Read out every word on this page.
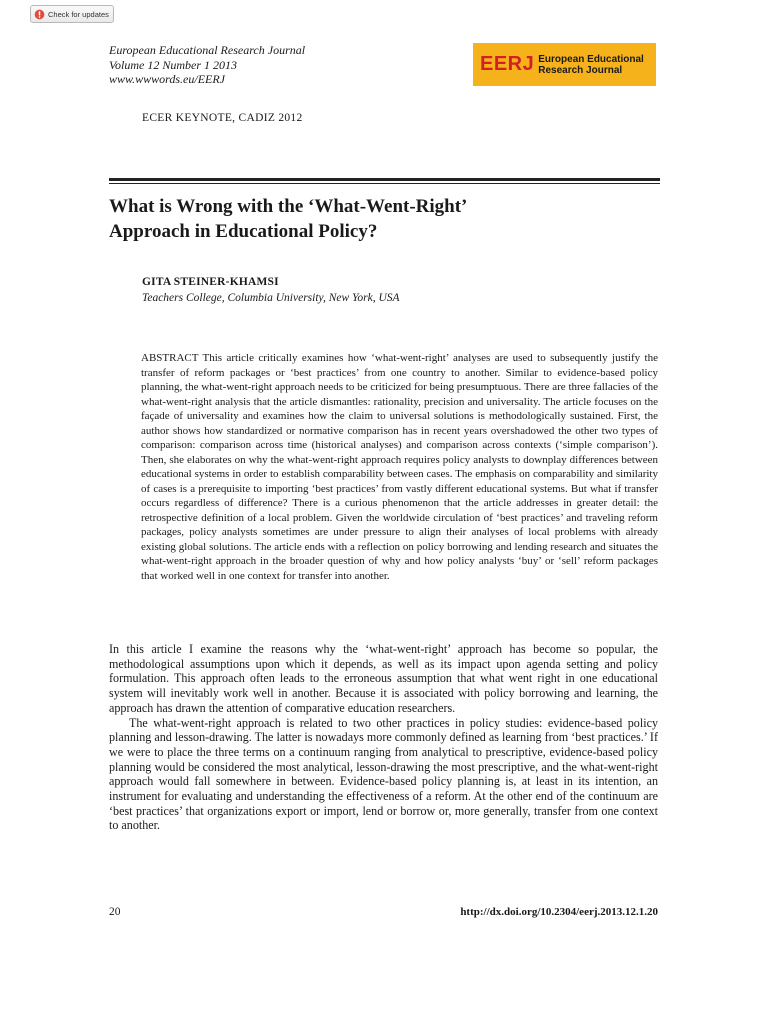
Check for updates
European Educational Research Journal
Volume 12 Number 1 2013
www.wwwords.eu/EERJ
EERJ European Educational
Research Journal
ECER KEYNOTE, CADIZ 2012
What is Wrong with the ‘What-Went-Right’
Approach in Educational Policy?
GITA STEINER-KHAMSI
Teachers College, Columbia University, New York, USA

ABSTRACT This article critically examines how ‘what-went-right’ analyses are used to subsequently justify the transfer of reform packages or ‘best practices’ from one country to another. Similar to evidence-based policy planning, the what-went-right approach needs to be criticized for being presumptuous. There are three fallacies of the what-went-right analysis that the article dismantles: rationality, precision and universality. The article focuses on the façade of universality and examines how the claim to universal solutions is methodologically sustained. First, the author shows how standardized or normative comparison has in recent years overshadowed the other two types of comparison: comparison across time (historical analyses) and comparison across contexts (‘simple comparison’). Then, she elaborates on why the what-went-right approach requires policy analysts to downplay differences between educational systems in order to establish comparability between cases. The emphasis on comparability and similarity of cases is a prerequisite to importing ‘best practices’ from vastly different educational systems. But what if transfer occurs regardless of difference? There is a curious phenomenon that the article addresses in greater detail: the retrospective definition of a local problem. Given the worldwide circulation of ‘best practices’ and traveling reform packages, policy analysts sometimes are under pressure to align their analyses of local problems with already existing global solutions. The article ends with a reflection on policy borrowing and lending research and situates the what-went-right approach in the broader question of why and how policy analysts ‘buy’ or ‘sell’ reform packages that worked well in one context for transfer into another.

In this article I examine the reasons why the ‘what-went-right’ approach has become so popular, the methodological assumptions upon which it depends, as well as its impact upon agenda setting and policy formulation. This approach often leads to the erroneous assumption that what went right in one educational system will inevitably work well in another. Because it is associated with policy borrowing and learning, the approach has drawn the attention of comparative education researchers.

The what-went-right approach is related to two other practices in policy studies: evidence-based policy planning and lesson-drawing. The latter is nowadays more commonly defined as learning from ‘best practices.’ If we were to place the three terms on a continuum ranging from analytical to prescriptive, evidence-based policy planning would be considered the most analytical, lesson-drawing the most prescriptive, and the what-went-right approach would fall somewhere in between. Evidence-based policy planning is, at least in its intention, an instrument for evaluating and understanding the effectiveness of a reform. At the other end of the continuum are ‘best practices’ that organizations export or import, lend or borrow or, more generally, transfer from one context to another.

20	http://dx.doi.org/10.2304/eerj.2013.12.1.20
